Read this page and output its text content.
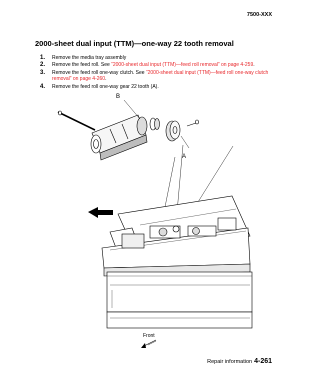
7500-XXX
2000-sheet dual input (TTM)—one-way 22 tooth removal
1. Remove the media tray assembly
2. Remove the feed roll. See “2000-sheet dual input (TTM)—feed roll removal” on page 4-259.
3. Remove the feed roll one-way clutch. See “2000-sheet dual input (TTM)—feed roll one-way clutch removal” on page 4-260.
4. Remove the feed roll one-way gear 22 tooth (A).
B
A
Front
Repair information 4-261
